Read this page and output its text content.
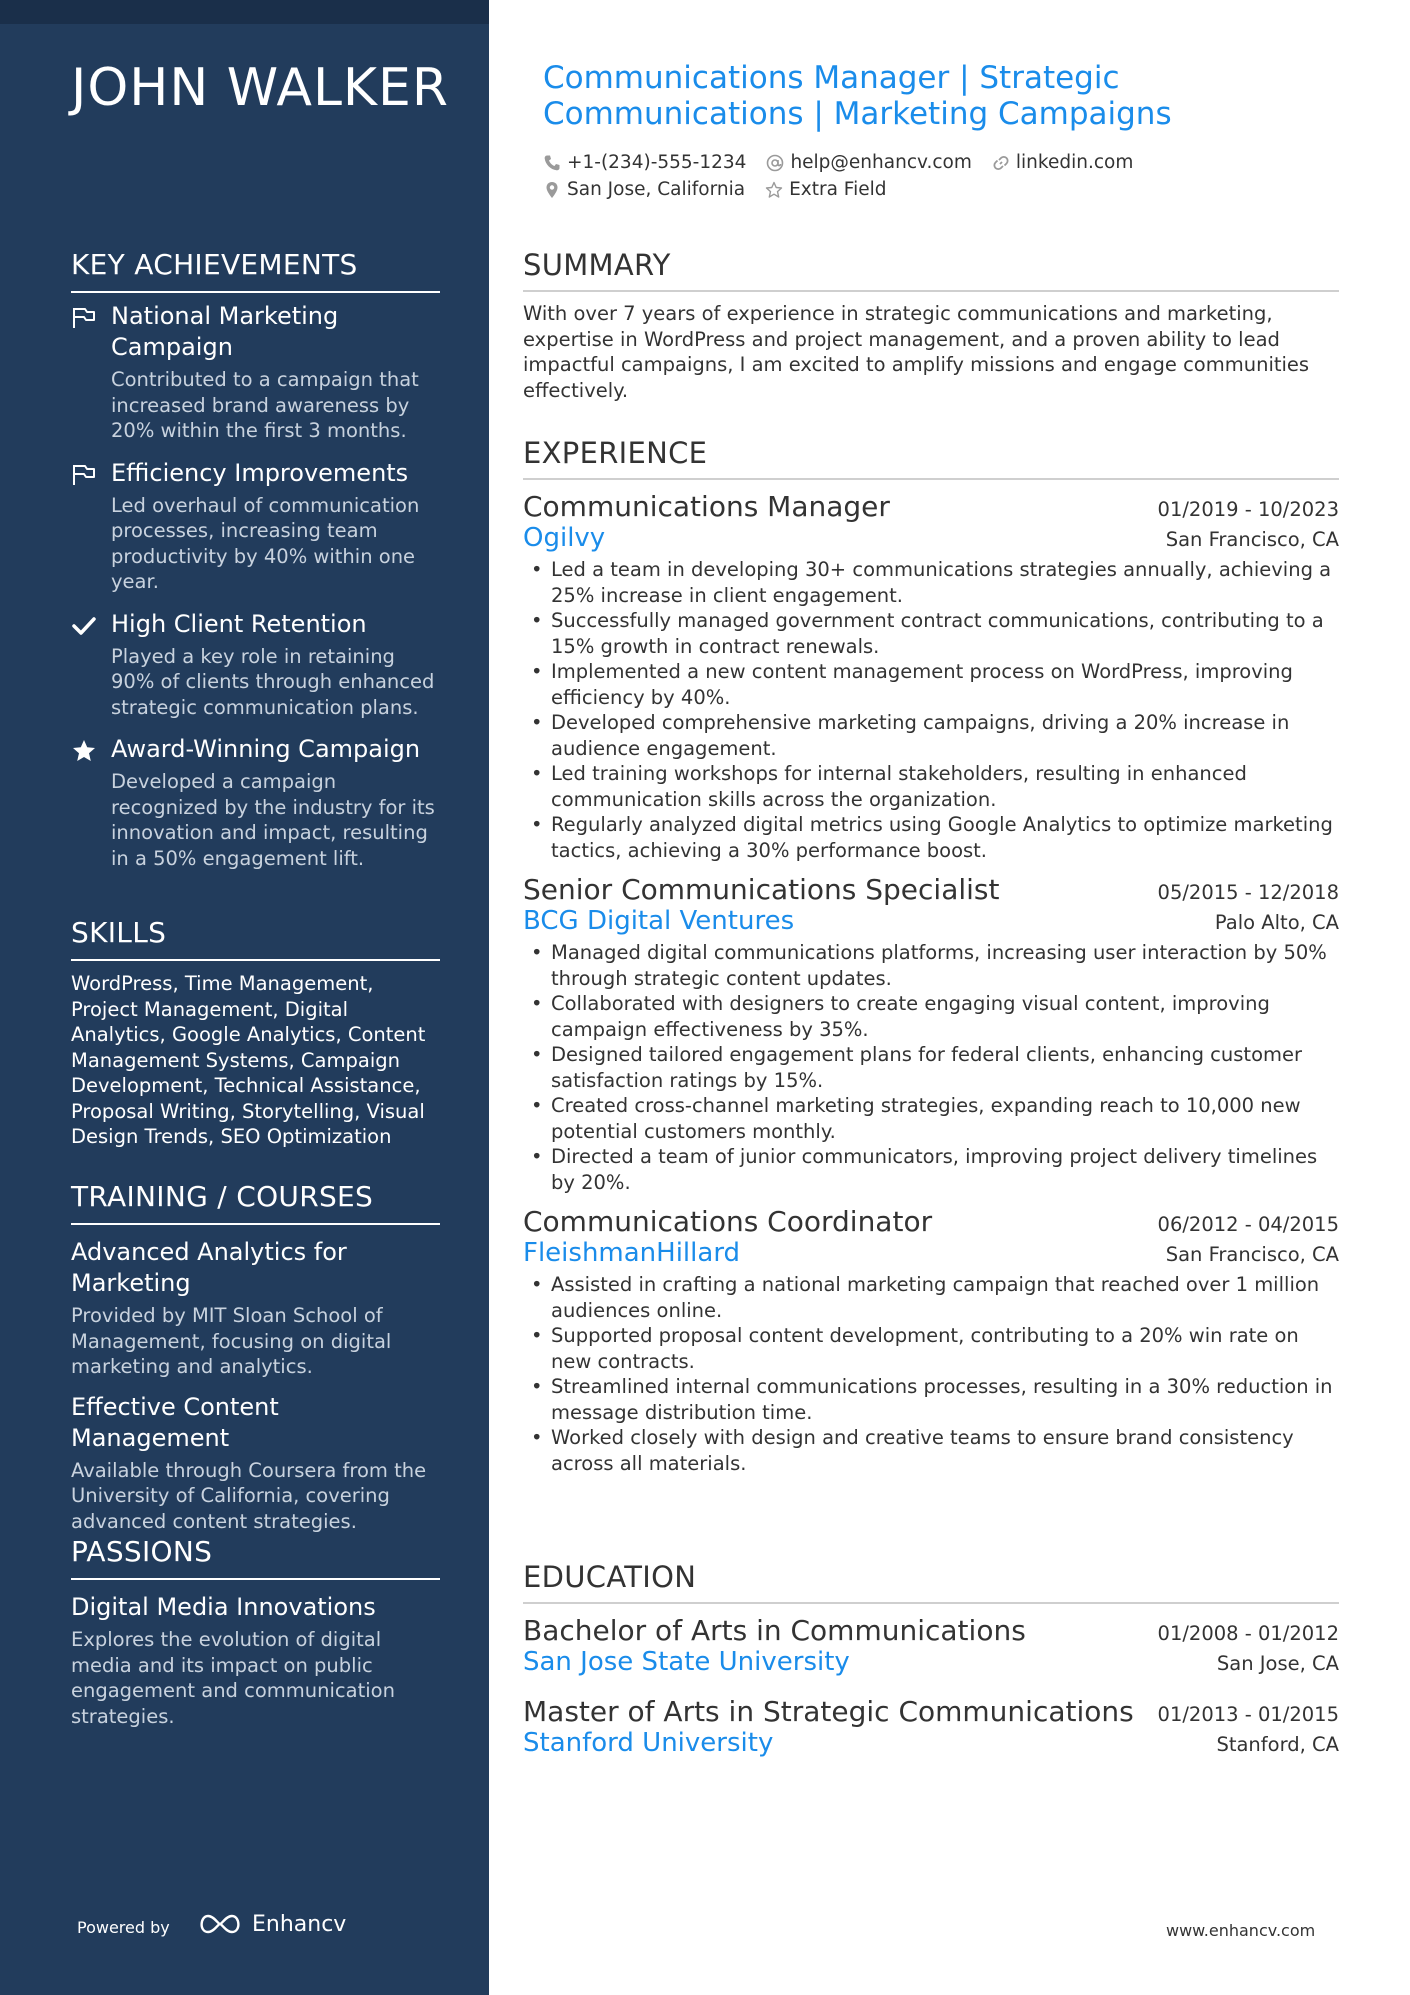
JOHN WALKER
KEY ACHIEVEMENTS
National Marketing Campaign
Contributed to a campaign that increased brand awareness by 20% within the first 3 months.
Efficiency Improvements
Led overhaul of communication processes, increasing team productivity by 40% within one year.
High Client Retention
Played a key role in retaining 90% of clients through enhanced strategic communication plans.
Award-Winning Campaign
Developed a campaign recognized by the industry for its innovation and impact, resulting in a 50% engagement lift.
SKILLS
WordPress, Time Management, Project Management, Digital Analytics, Google Analytics, Content Management Systems, Campaign Development, Technical Assistance, Proposal Writing, Storytelling, Visual Design Trends, SEO Optimization
TRAINING / COURSES
Advanced Analytics for Marketing
Provided by MIT Sloan School of Management, focusing on digital marketing and analytics.
Effective Content Management
Available through Coursera from the University of California, covering advanced content strategies.
PASSIONS
Digital Media Innovations
Explores the evolution of digital media and its impact on public engagement and communication strategies.
Powered by	Enhancv
Communications Manager | Strategic Communications | Marketing Campaigns
+1-(234)-555-1234 help@enhancv.com linkedin.com
San Jose, California Extra Field
SUMMARY
With over 7 years of experience in strategic communications and marketing, expertise in WordPress and project management, and a proven ability to lead impactful campaigns, I am excited to amplify missions and engage communities effectively.
EXPERIENCE
Communications Manager	01/2019 - 10/2023
Ogilvy	San Francisco, CA
• Led a team in developing 30+ communications strategies annually, achieving a 25% increase in client engagement.
• Successfully managed government contract communications, contributing to a 15% growth in contract renewals.
• Implemented a new content management process on WordPress, improving efficiency by 40%.
• Developed comprehensive marketing campaigns, driving a 20% increase in audience engagement.
• Led training workshops for internal stakeholders, resulting in enhanced communication skills across the organization.
• Regularly analyzed digital metrics using Google Analytics to optimize marketing tactics, achieving a 30% performance boost.
Senior Communications Specialist	05/2015 - 12/2018
BCG Digital Ventures	Palo Alto, CA
• Managed digital communications platforms, increasing user interaction by 50% through strategic content updates.
• Collaborated with designers to create engaging visual content, improving campaign effectiveness by 35%.
• Designed tailored engagement plans for federal clients, enhancing customer satisfaction ratings by 15%.
• Created cross-channel marketing strategies, expanding reach to 10,000 new potential customers monthly.
• Directed a team of junior communicators, improving project delivery timelines by 20%.
Communications Coordinator	06/2012 - 04/2015
FleishmanHillard	San Francisco, CA
• Assisted in crafting a national marketing campaign that reached over 1 million audiences online.
• Supported proposal content development, contributing to a 20% win rate on new contracts.
• Streamlined internal communications processes, resulting in a 30% reduction in message distribution time.
• Worked closely with design and creative teams to ensure brand consistency across all materials.
EDUCATION
Bachelor of Arts in Communications	01/2008 - 01/2012
San Jose State University	San Jose, CA
Master of Arts in Strategic Communications 01/2013 - 01/2015
Stanford University	Stanford, CA
www.enhancv.com
